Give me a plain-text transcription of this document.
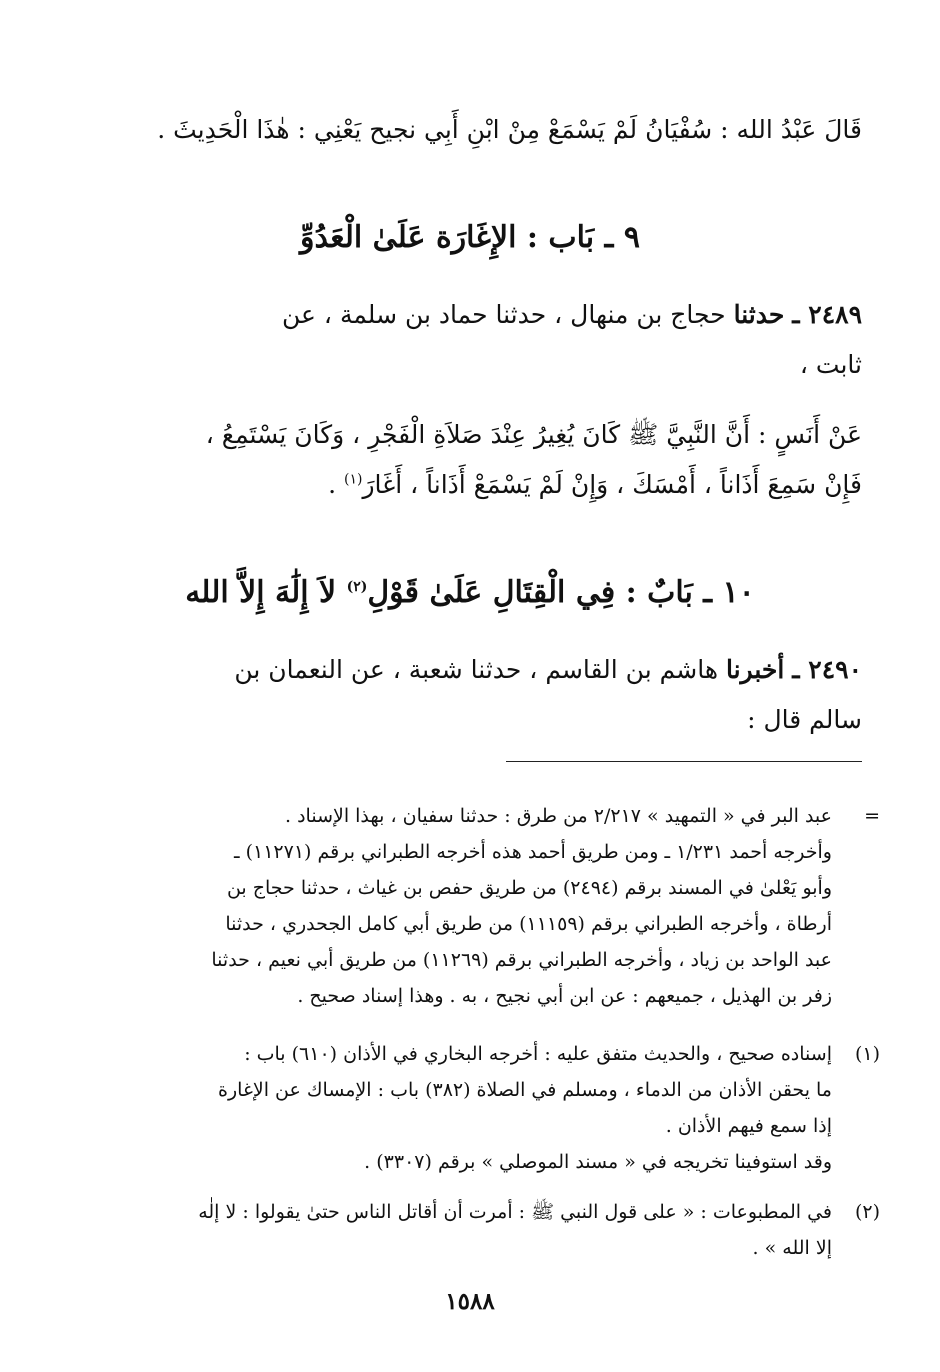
قَالَ عَبْدُ الله : سُفْيَانُ لَمْ يَسْمَعْ مِنْ ابْنِ أَبِي نجيح يَعْنِي : هٰذَا الْحَدِيثَ .
٩ ـ بَاب : الإِغَارَة عَلَىٰ الْعَدُوِّ
٢٤٨٩ ـ حدثنا حجاج بن منهال ، حدثنا حماد بن سلمة ، عن
ثابت ،
عَنْ أَنَسٍ : أَنَّ النَّبِيَّ ﷺ كَانَ يُغِيرُ عِنْدَ صَلاَةِ الْفَجْرِ ، وَكَانَ يَسْتَمِعُ ،
فَإِنْ سَمِعَ أَذَاناً ، أَمْسَكَ ، وَإِنْ لَمْ يَسْمَعْ أَذَاناً ، أَغَارَ$^{(١)}$ .
١٠ ـ بَابٌ : فِي الْقِتَالِ عَلَىٰ قَوْلِ$^{(٢)}$ لاَ إِلَٰهَ إِلاَّ الله
٢٤٩٠ ـ أخبرنا هاشم بن القاسم ، حدثنا شعبة ، عن النعمان بن
سالم قال :
=
عبد البر في « التمهيد » ٢/٢١٧ من طرق : حدثنا سفيان ، بهذا الإسناد .
وأخرجه أحمد ١/٢٣١ ـ ومن طريق أحمد هذه أخرجه الطبراني برقم (١١٢٧١) ـ
وأبو يَعْلىٰ في المسند برقم (٢٤٩٤) من طريق حفص بن غياث ، حدثنا حجاج بن
أرطاة ، وأخرجه الطبراني برقم (١١١٥٩) من طريق أبي كامل الجحدري ، حدثنا
عبد الواحد بن زياد ، وأخرجه الطبراني برقم (١١٢٦٩) من طريق أبي نعيم ، حدثنا
زفر بن الهذيل ، جميعهم : عن ابن أبي نجيح ، به . وهذا إسناد صحيح .
(١)
إسناده صحيح ، والحديث متفق عليه : أخرجه البخاري في الأذان (٦١٠) باب :
ما يحقن الأذان من الدماء ، ومسلم في الصلاة (٣٨٢) باب : الإمساك عن الإغارة
إذا سمع فيهم الأذان .
وقد استوفينا تخريجه في « مسند الموصلي » برقم (٣٣٠٧) .
(٢)
في المطبوعات : « على قول النبي ﷺ : أمرت أن أقاتل الناس حتىٰ يقولوا : لا إلٰه
إلا الله » .
١٥٨٨
